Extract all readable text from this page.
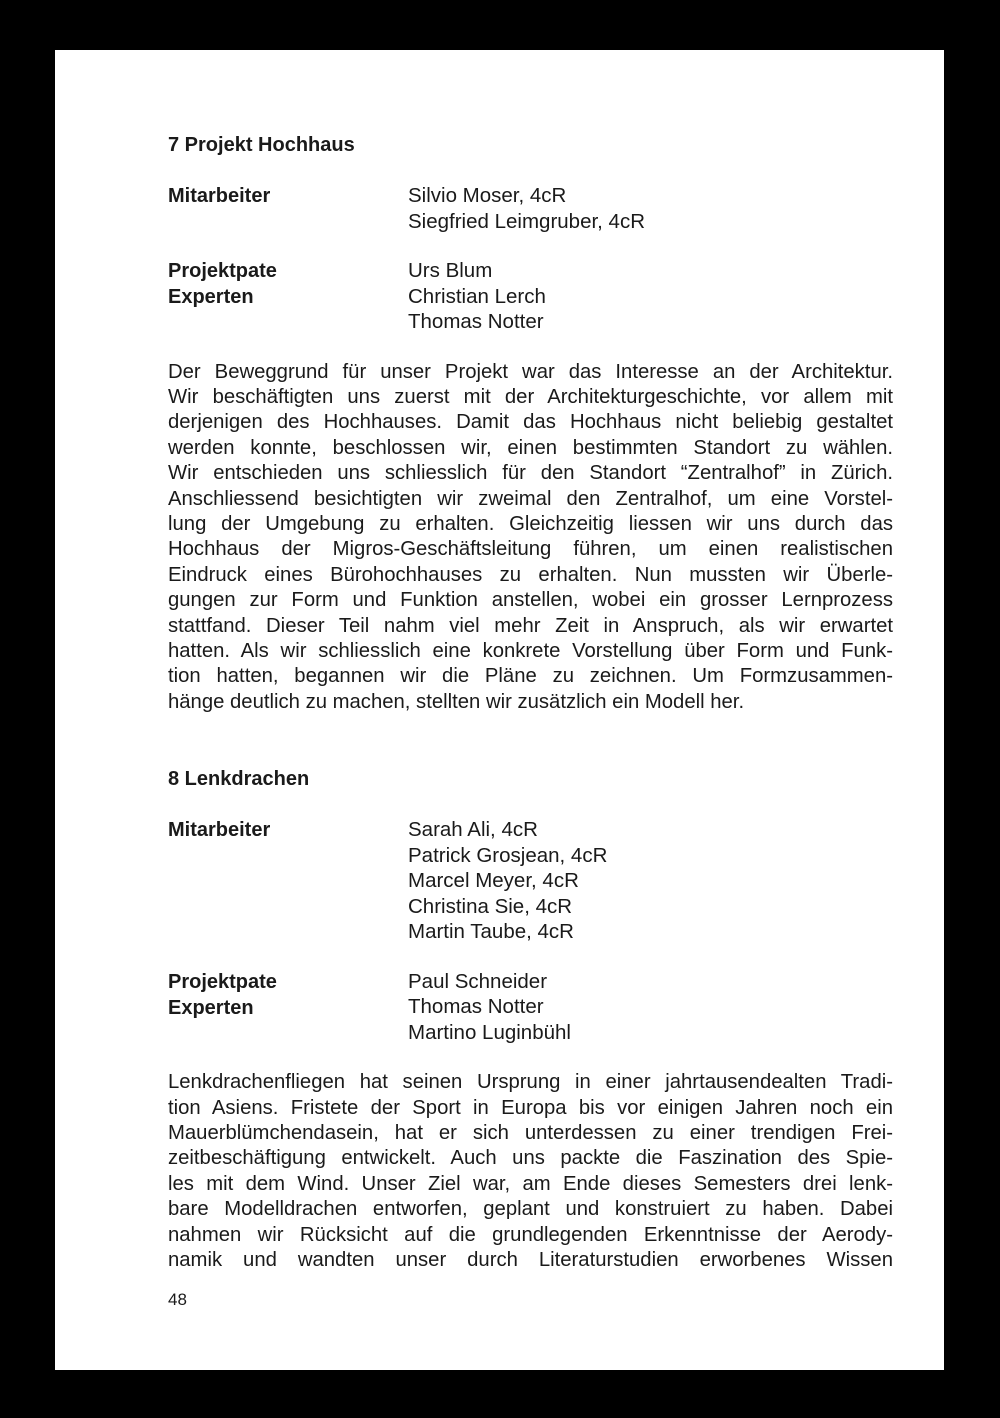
7 Projekt Hochhaus
Mitarbeiter	Silvio Moser, 4cR
Siegfried Leimgruber, 4cR
Projektpate
Experten
Urs Blum
Christian Lerch
Thomas Notter
Der Beweggrund für unser Projekt war das Interesse an der Architektur.
Wir beschäftigten uns zuerst mit der Architekturgeschichte, vor allem mit
derjenigen des Hochhauses. Damit das Hochhaus nicht beliebig gestaltet
werden konnte, beschlossen wir, einen bestimmten Standort zu wählen.
Wir entschieden uns schliesslich für den Standort “Zentralhof” in Zürich.
Anschliessend besichtigten wir zweimal den Zentralhof, um eine Vorstel-
lung der Umgebung zu erhalten. Gleichzeitig liessen wir uns durch das
Hochhaus der Migros-Geschäftsleitung führen, um einen realistischen
Eindruck eines Bürohochhauses zu erhalten. Nun mussten wir Überle-
gungen zur Form und Funktion anstellen, wobei ein grosser Lernprozess
stattfand. Dieser Teil nahm viel mehr Zeit in Anspruch, als wir erwartet
hatten. Als wir schliesslich eine konkrete Vorstellung über Form und Funk-
tion hatten, begannen wir die Pläne zu zeichnen. Um Formzusammen-
hänge deutlich zu machen, stellten wir zusätzlich ein Modell her.
8 Lenkdrachen
Mitarbeiter	Sarah Ali, 4cR
Patrick Grosjean, 4cR
Marcel Meyer, 4cR
Christina Sie, 4cR
Martin Taube, 4cR
Projektpate
Experten
Paul Schneider
Thomas Notter
Martino Luginbühl
Lenkdrachenfliegen hat seinen Ursprung in einer jahrtausendealten Tradi-
tion Asiens. Fristete der Sport in Europa bis vor einigen Jahren noch ein
Mauerblümchendasein, hat er sich unterdessen zu einer trendigen Frei-
zeitbeschäftigung entwickelt. Auch uns packte die Faszination des Spie-
les mit dem Wind. Unser Ziel war, am Ende dieses Semesters drei lenk-
bare Modelldrachen entworfen, geplant und konstruiert zu haben. Dabei
nahmen wir Rücksicht auf die grundlegenden Erkenntnisse der Aerody-
namik und wandten unser durch Literaturstudien erworbenes Wissen
48
